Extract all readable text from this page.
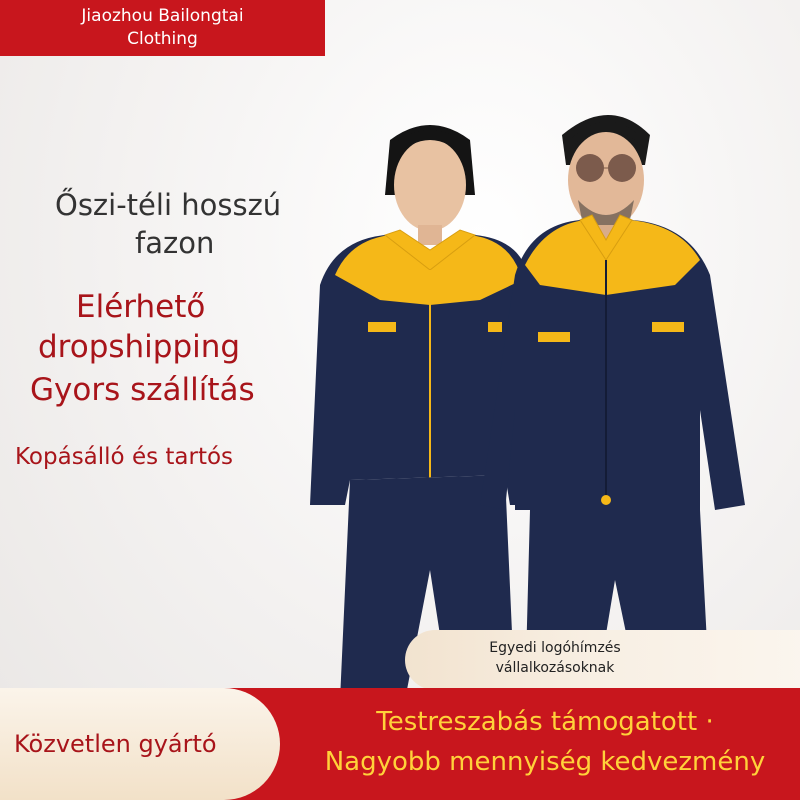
Jiaozhou Bailongtai
Clothing
Őszi-téli hosszú
fazon
Elérhető
dropshipping
Gyors szállítás
Kopásálló és tartós
Egyedi logóhímzés
vállalkozásoknak
Közvetlen gyártó
Testreszabás támogatott ·
Nagyobb mennyiség kedvezmény
